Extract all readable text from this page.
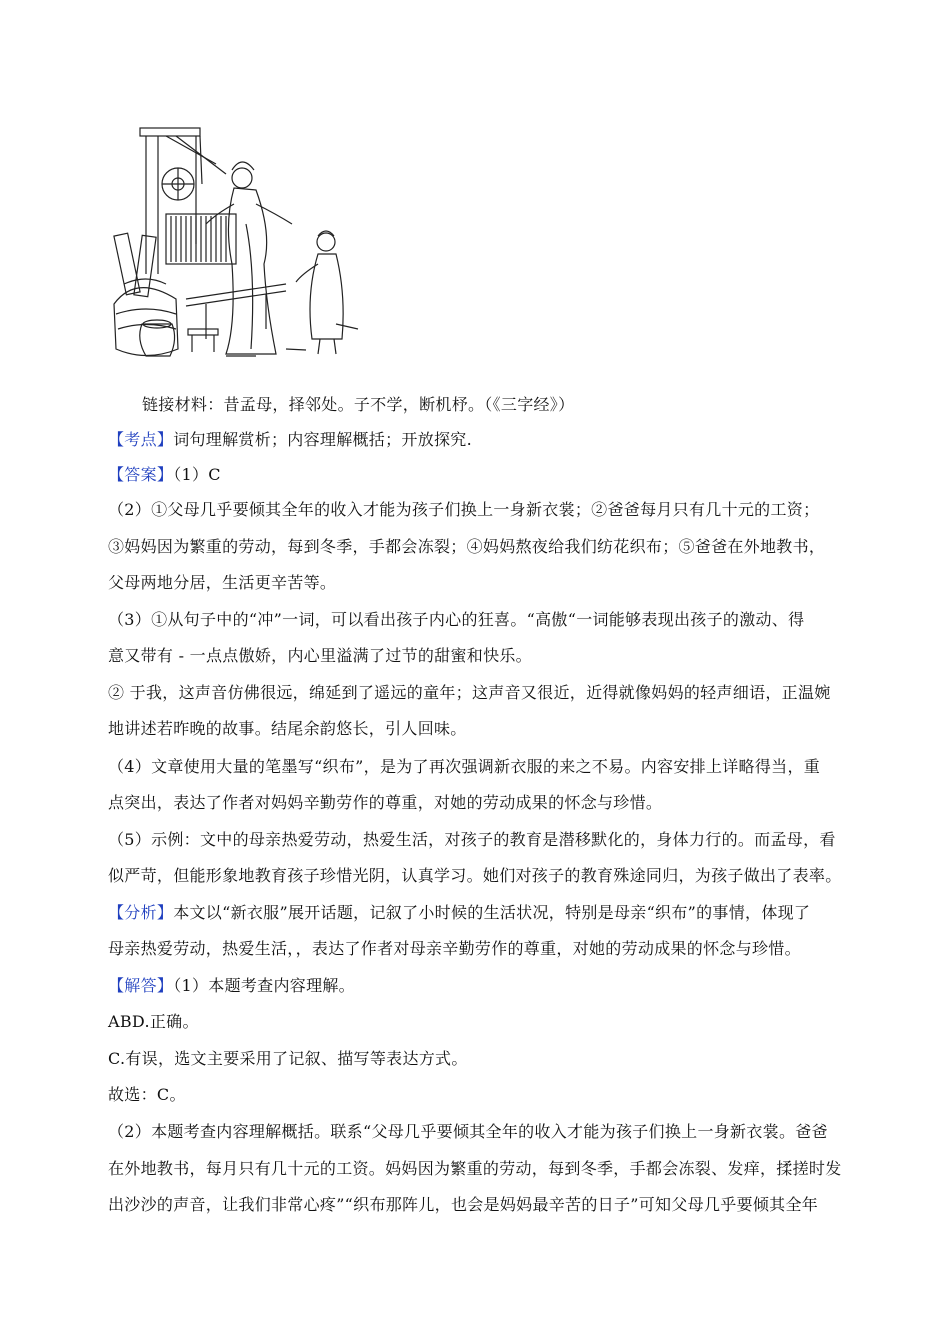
链接材料：昔孟母，择邻处。子不学，断机杼。（《三字经》）
【考点】词句理解赏析；内容理解概括；开放探究.
【答案】（1）C
（2）①父母几乎要倾其全年的收入才能为孩子们换上一身新衣裳；②爸爸每月只有几十元的工资；
③妈妈因为繁重的劳动，每到冬季，手都会冻裂；④妈妈熬夜给我们纺花织布；⑤爸爸在外地教书，
父母两地分居，生活更辛苦等。
（3）①从句子中的“冲”一词，可以看出孩子内心的狂喜。“高傲“一词能够表现出孩子的激动、得
意又带有 - 一点点傲娇，内心里溢满了过节的甜蜜和快乐。
② 于我，这声音仿佛很远，绵延到了遥远的童年；这声音又很近，近得就像妈妈的轻声细语，正温婉
地讲述若昨晚的故事。结尾余韵悠长，引人回味。
（4）文章使用大量的笔墨写“织布”，是为了再次强调新衣服的来之不易。内容安排上详略得当，重
点突出，表达了作者对妈妈辛勤劳作的尊重，对她的劳动成果的怀念与珍惜。
（5）示例：文中的母亲热爱劳动，热爱生活，对孩子的教育是潜移默化的，身体力行的。而孟母，看
似严苛，但能形象地教育孩子珍惜光阴，认真学习。她们对孩子的教育殊途同归，为孩子做出了表率。
【分析】本文以“新衣服”展开话题，记叙了小时候的生活状况，特别是母亲“织布”的事情，体现了
母亲热爱劳动，热爱生活，，表达了作者对母亲辛勤劳作的尊重，对她的劳动成果的怀念与珍惜。
【解答】（1）本题考查内容理解。
ABD.正确。
C.有误，选文主要采用了记叙、描写等表达方式。
故选：C。
（2）本题考查内容理解概括。联系“父母几乎要倾其全年的收入才能为孩子们换上一身新衣裳。爸爸
在外地教书，每月只有几十元的工资。妈妈因为繁重的劳动，每到冬季，手都会冻裂、发痒，揉搓时发
出沙沙的声音，让我们非常心疼”“织布那阵儿，也会是妈妈最辛苦的日子”可知父母几乎要倾其全年
